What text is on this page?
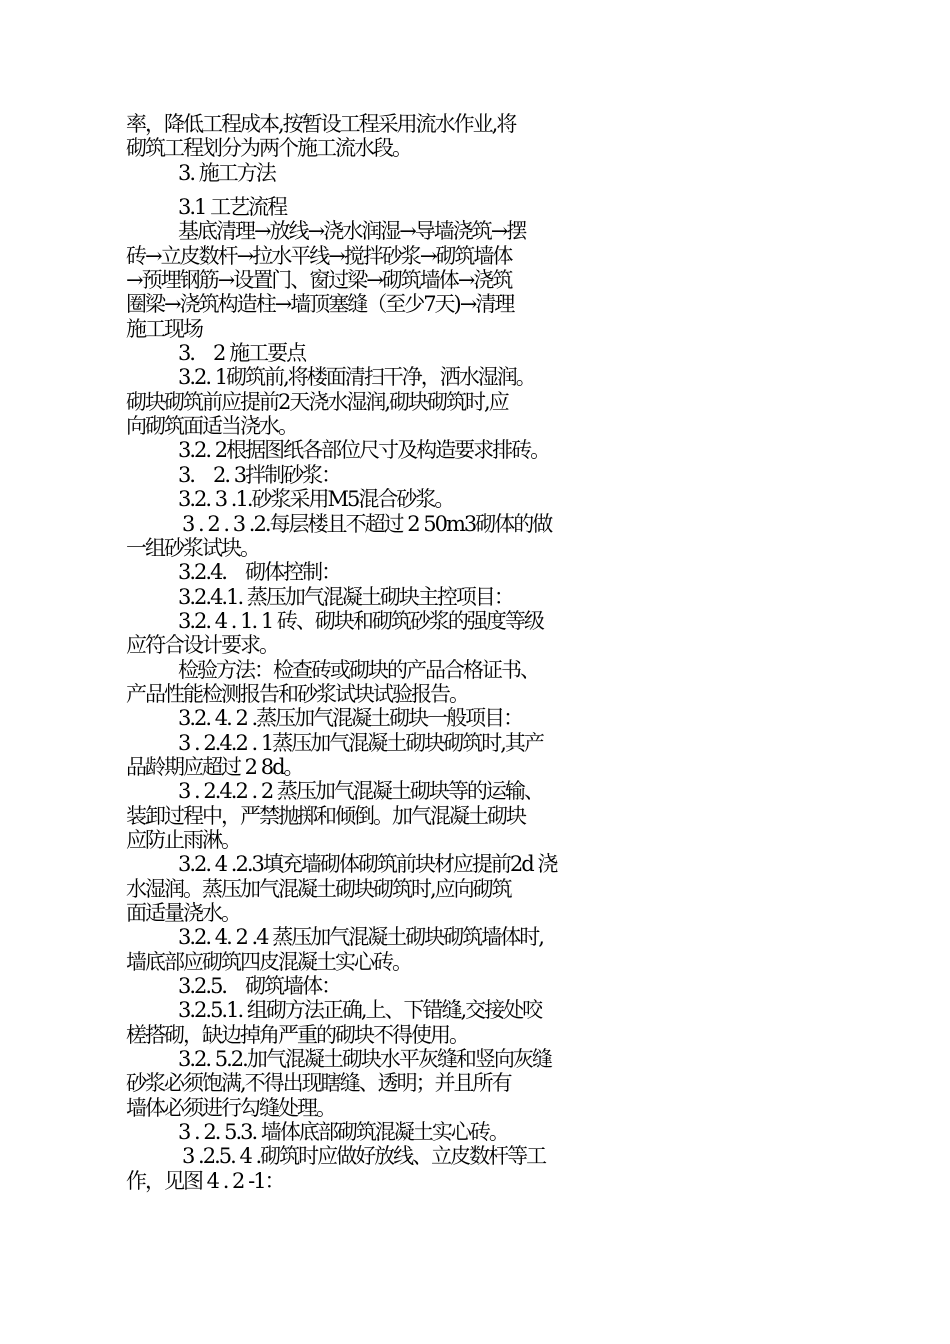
率，降低工程成本,按暂设工程采用流水作业,将
砌筑工程划分为两个施工流水段。
3. 施工方法
3.1 工艺流程
基底清理→放线→浇水润湿→导墙浇筑→摆
砖→立皮数杆→拉水平线→搅拌砂浆→砌筑墙体
→预埋钢筋→设置门、窗过梁→砌筑墙体→浇筑
圈梁→浇筑构造柱→墙顶塞缝（至少7天)→清理
施工现场
3． 2 施工要点
3.2. 1砌筑前,将楼面清扫干净，洒水湿润。
砌块砌筑前应提前2天浇水湿润,砌块砌筑时,应
向砌筑面适当浇水。
3.2. 2根据图纸各部位尺寸及构造要求排砖。
3． 2. 3拌制砂浆：
3.2. 3 .1.砂浆采用M5混合砂浆。
3 . 2 . 3 .2.每层楼且不超过 2 50m3砌体的做
一组砂浆试块。
3.2.4． 砌体控制：
3.2.4.1. 蒸压加气混凝土砌块主控项目：
3.2. 4 . 1. 1 砖、砌块和砌筑砂浆的强度等级
应符合设计要求。
检验方法：检查砖或砌块的产品合格证书、
产品性能检测报告和砂浆试块试验报告。
3.2. 4. 2 .蒸压加气混凝土砌块一般项目：
3 . 2.4.2 . 1蒸压加气混凝土砌块砌筑时,其产
品龄期应超过 2 8d。
3 . 2.4.2 . 2 蒸压加气混凝土砌块等的运输、
装卸过程中，严禁抛掷和倾倒。加气混凝土砌块
应防止雨淋。
3.2. 4 .2.3填充墙砌体砌筑前块材应提前2d 浇
水湿润。蒸压加气混凝土砌块砌筑时,应向砌筑
面适量浇水。
3.2. 4. 2 .4 蒸压加气混凝土砌块砌筑墙体时,
墙底部应砌筑四皮混凝土实心砖。
3.2.5． 砌筑墙体：
3.2.5.1. 组砌方法正确,上、下错缝,交接处咬
槎搭砌，缺边掉角严重的砌块不得使用。
3.2. 5.2.加气混凝土砌块水平灰缝和竖向灰缝
砂浆必须饱满,不得出现瞎缝、透明；并且所有
墙体必须进行勾缝处理。
3 . 2. 5.3. 墙体底部砌筑混凝土实心砖。
3 .2.5. 4 .砌筑时应做好放线、立皮数杆等工
作，见图 4 . 2 -1：
